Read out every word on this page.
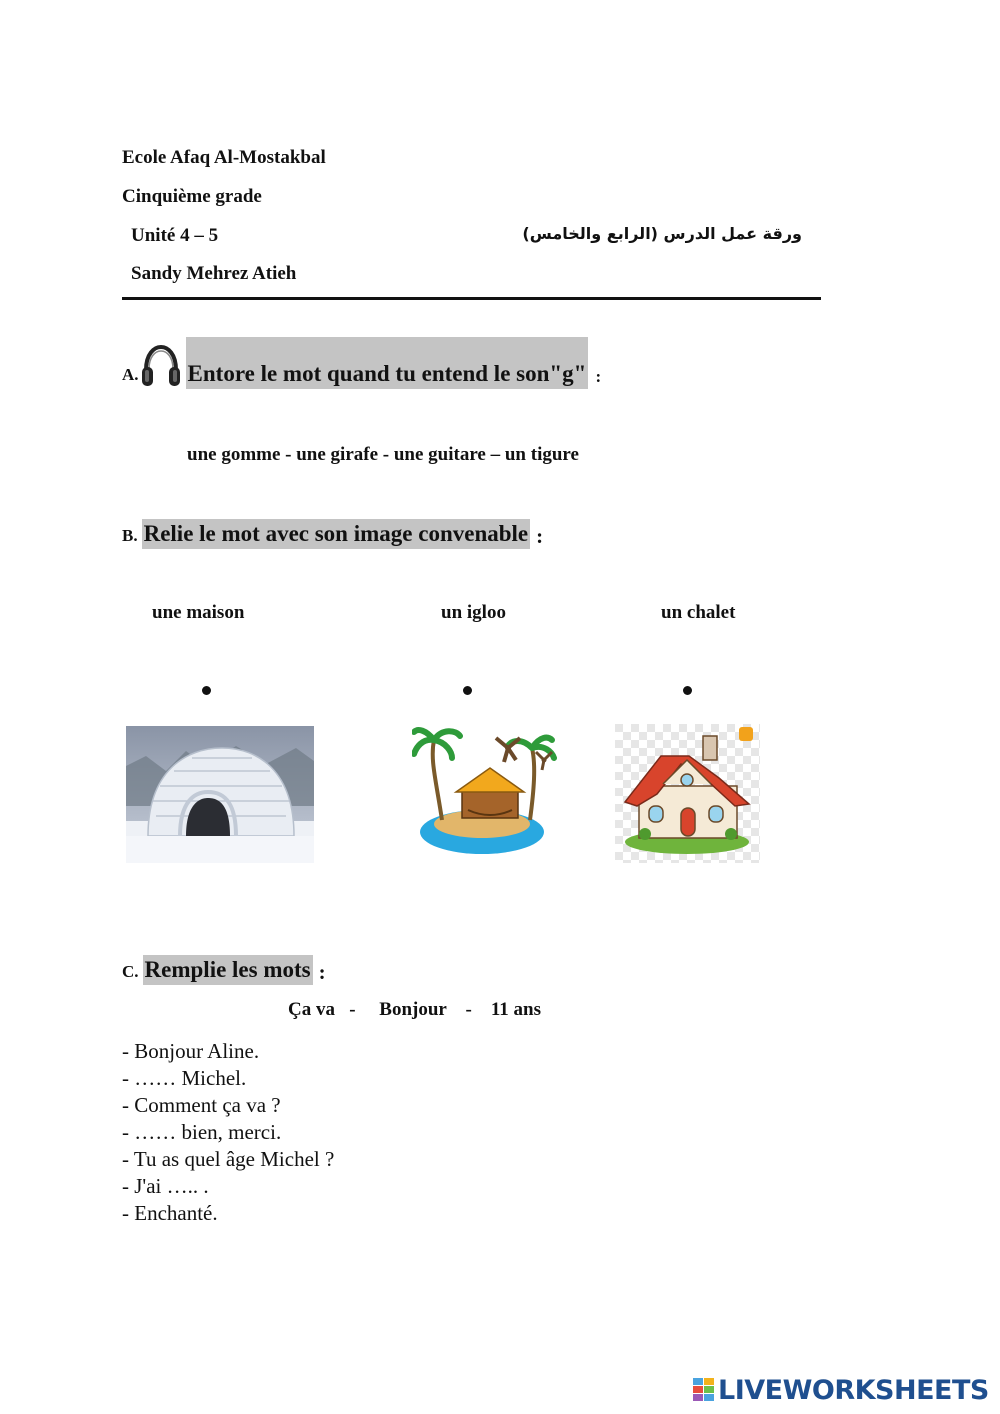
Ecole Afaq Al-Mostakbal
Cinquième grade
Unité 4 – 5	ورقة عمل الدرس (الرابع والخامس)
Sandy Mehrez Atieh
A. Entore le mot quand tu entend le son"g" :
une gomme - une girafe - une guitare – un tigure
B. Relie le mot avec son image convenable :
une maison	un igloo	un chalet
C. Remplie les mots :
Ça va   -     Bonjour    -    11 ans
- Bonjour Aline.
- …… Michel.
- Comment ça va ?
- …… bien, merci.
- Tu as quel âge Michel ?
- J'ai ….. .
- Enchanté.
LIVEWORKSHEETS
